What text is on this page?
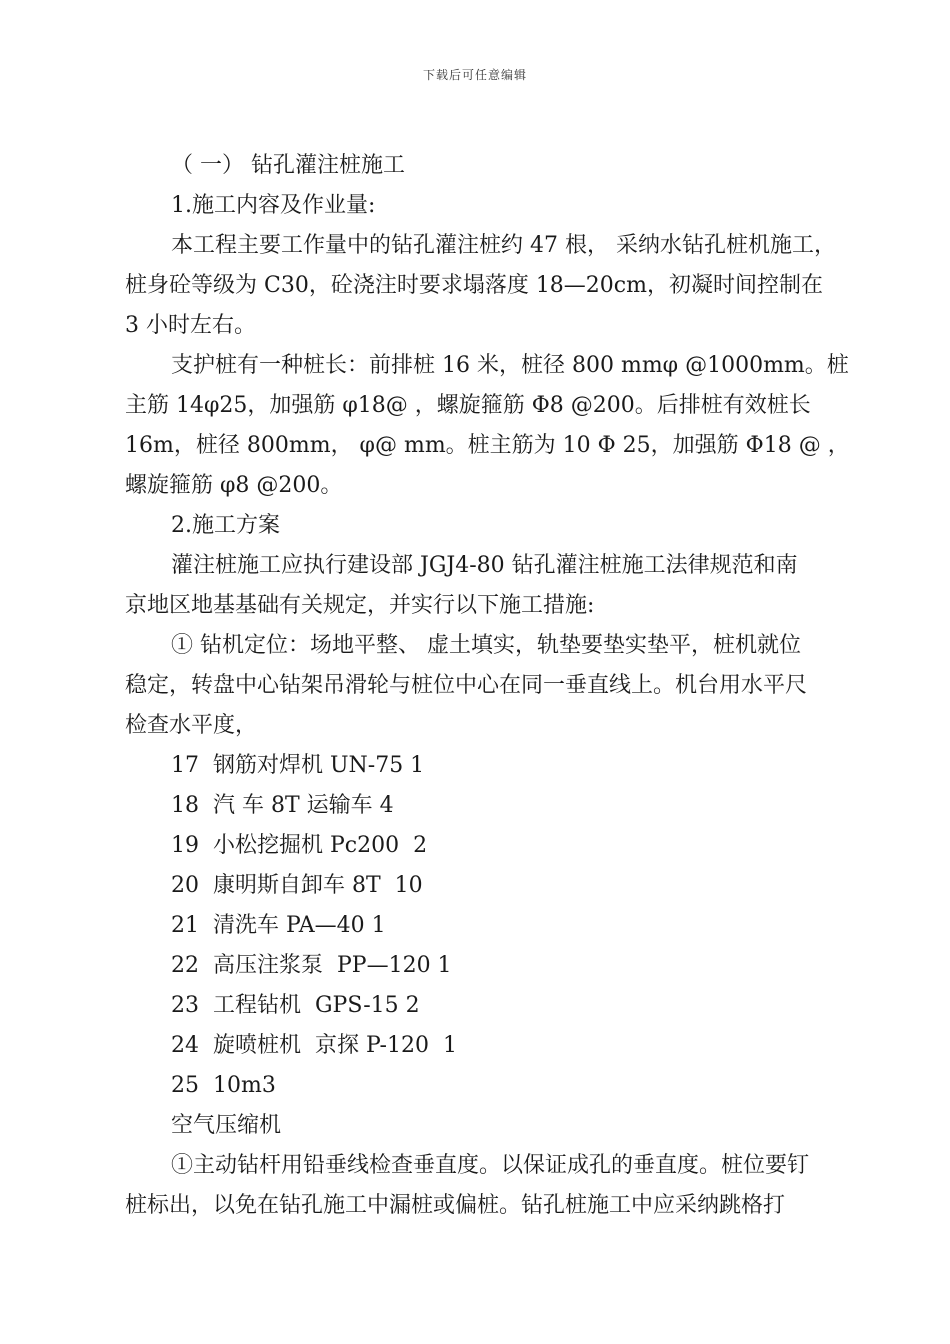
下载后可任意编辑
（ 一） 钻孔灌注桩施工
1.施工内容及作业量:
本工程主要工作量中的钻孔灌注桩约 47 根， 采纳水钻孔桩机施工，
桩身砼等级为 C30，砼浇注时要求塌落度 18—20cm，初凝时间控制在
3 小时左右。
支护桩有一种桩长：前排桩 16 米，桩径 800 mmφ @1000mm。桩
主筋 14φ25，加强筋 φ18@ ，螺旋箍筋 Φ8 @200。后排桩有效桩长
16m，桩径 800mm， φ@ mm。桩主筋为 10 Φ 25，加强筋 Φ18 @ ，
螺旋箍筋 φ8 @200。
2.施工方案
灌注桩施工应执行建设部 JGJ4-80 钻孔灌注桩施工法律规范和南
京地区地基基础有关规定，并实行以下施工措施:
① 钻机定位：场地平整、 虚土填实，轨垫要垫实垫平，桩机就位
稳定，转盘中心钻架吊滑轮与桩位中心在同一垂直线上。机台用水平尺
检查水平度，
17  钢筋对焊机 UN-75 1
18  汽 车 8T 运输车 4
19  小松挖掘机 Pc200  2
20  康明斯自卸车 8T  10
21  清洗车 PA—40 1
22  高压注浆泵  PP—120 1
23  工程钻机  GPS-15 2
24  旋喷桩机  京探 P-120  1
25  10m3
空气压缩机
①主动钻杆用铅垂线检查垂直度。以保证成孔的垂直度。桩位要钉
桩标出，以免在钻孔施工中漏桩或偏桩。钻孔桩施工中应采纳跳格打
